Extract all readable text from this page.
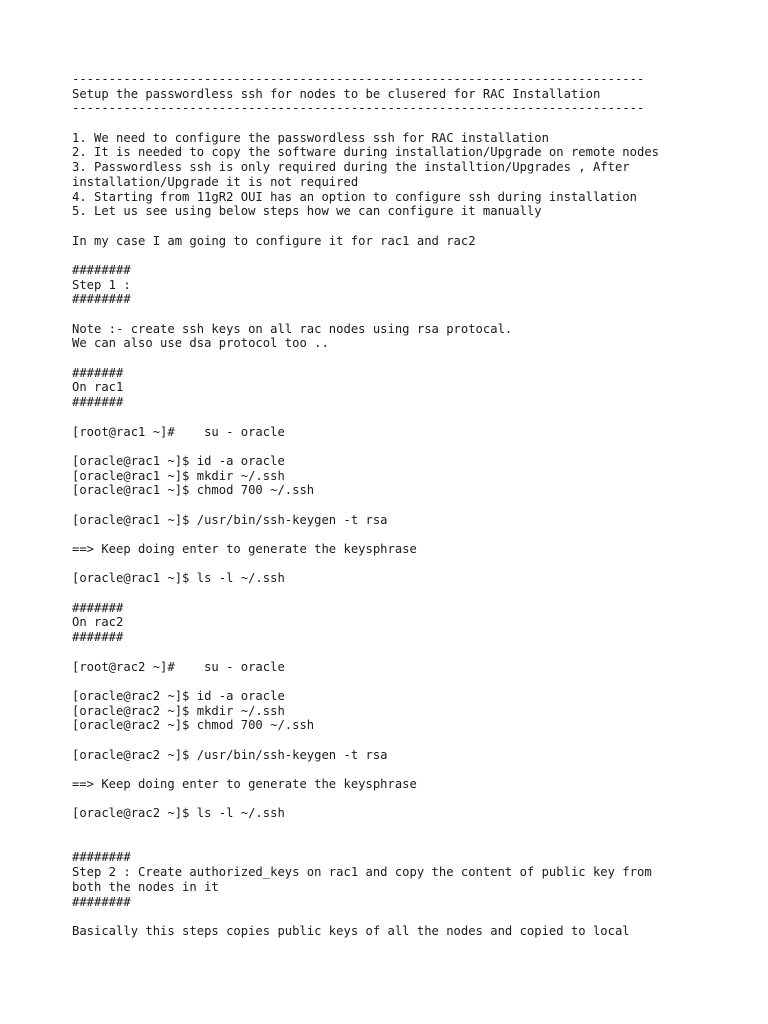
------------------------------------------------------------------------------
Setup the passwordless ssh for nodes to be clusered for RAC Installation
------------------------------------------------------------------------------
1. We need to configure the passwordless ssh for RAC installation
2. It is needed to copy the software during installation/Upgrade on remote nodes
3. Passwordless ssh is only required during the installtion/Upgrades , After
installation/Upgrade it is not required
4. Starting from 11gR2 OUI has an option to configure ssh during installation
5. Let us see using below steps how we can configure it manually
In my case I am going to configure it for rac1 and rac2
########
Step 1 :
########
Note :- create ssh keys on all rac nodes using rsa protocal.
We can also use dsa protocol too ..
#######
On rac1
#######
[root@rac1 ~]#    su - oracle
[oracle@rac1 ~]$ id -a oracle
[oracle@rac1 ~]$ mkdir ~/.ssh
[oracle@rac1 ~]$ chmod 700 ~/.ssh
[oracle@rac1 ~]$ /usr/bin/ssh-keygen -t rsa
==> Keep doing enter to generate the keysphrase
[oracle@rac1 ~]$ ls -l ~/.ssh
#######
On rac2
#######
[root@rac2 ~]#    su - oracle
[oracle@rac2 ~]$ id -a oracle
[oracle@rac2 ~]$ mkdir ~/.ssh
[oracle@rac2 ~]$ chmod 700 ~/.ssh
[oracle@rac2 ~]$ /usr/bin/ssh-keygen -t rsa
==> Keep doing enter to generate the keysphrase
[oracle@rac2 ~]$ ls -l ~/.ssh
########
Step 2 : Create authorized_keys on rac1 and copy the content of public key from
both the nodes in it
########
Basically this steps copies public keys of all the nodes and copied to local
